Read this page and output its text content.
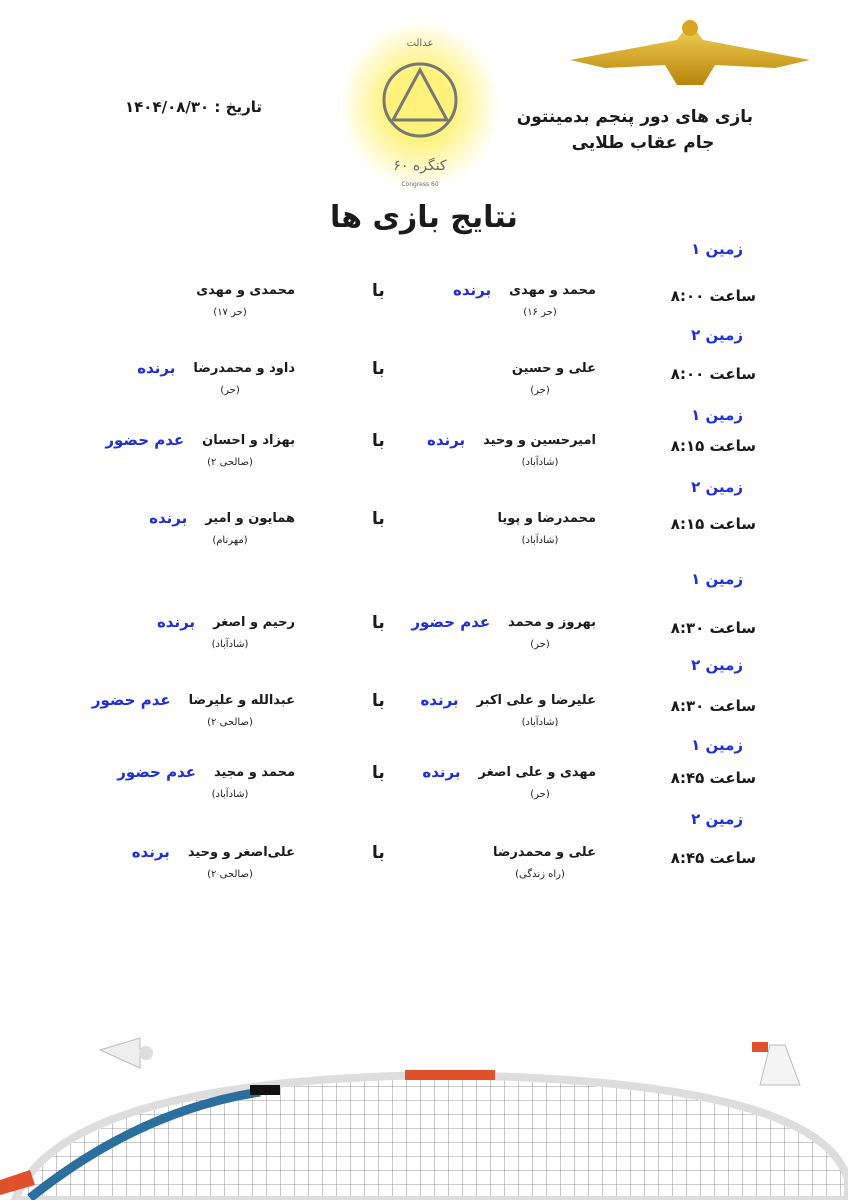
عدالت
کنگره ۶۰
Congress 60
بازی های دور پنجم بدمینتون
جام عقاب طلایی
تاریخ : ۱۴۰۴/۰۸/۳۰
نتایج بازی ها
زمین ۱
ساعت ۸:۰۰
محمد و مهدی
(حر ۱۶)
برنده
با
محمدی و مهدی
(حر ۱۷)
زمین ۲
ساعت ۸:۰۰
علی و حسین
(حر)
با
داود و محمدرضا
(حر)
برنده
زمین ۱
ساعت ۸:۱۵
امیرحسین و وحید
(شادآباد)
برنده
با
بهزاد و احسان
(صالحی ۲)
عدم حضور
زمین ۲
ساعت ۸:۱۵
محمدرضا و پویا
(شادآباد)
با
همایون و امیر
(مهرنام)
برنده
زمین ۱
ساعت ۸:۳۰
بهروز و محمد
(حر)
عدم حضور
با
رحیم و اصغر
(شادآباد)
برنده
زمین ۲
ساعت ۸:۳۰
علیرضا و علی اکبر
(شادآباد)
برنده
با
عبدالله و علیرضا
(صالحی ۲)
عدم حضور
زمین ۱
ساعت ۸:۴۵
مهدی و علی اصغر
(حر)
برنده
با
محمد و مجید
(شادآباد)
عدم حضور
زمین ۲
ساعت ۸:۴۵
علی و محمدرضا
(راه زندگی)
با
علی‌اصغر و وحید
(صالحی ۲)
برنده
